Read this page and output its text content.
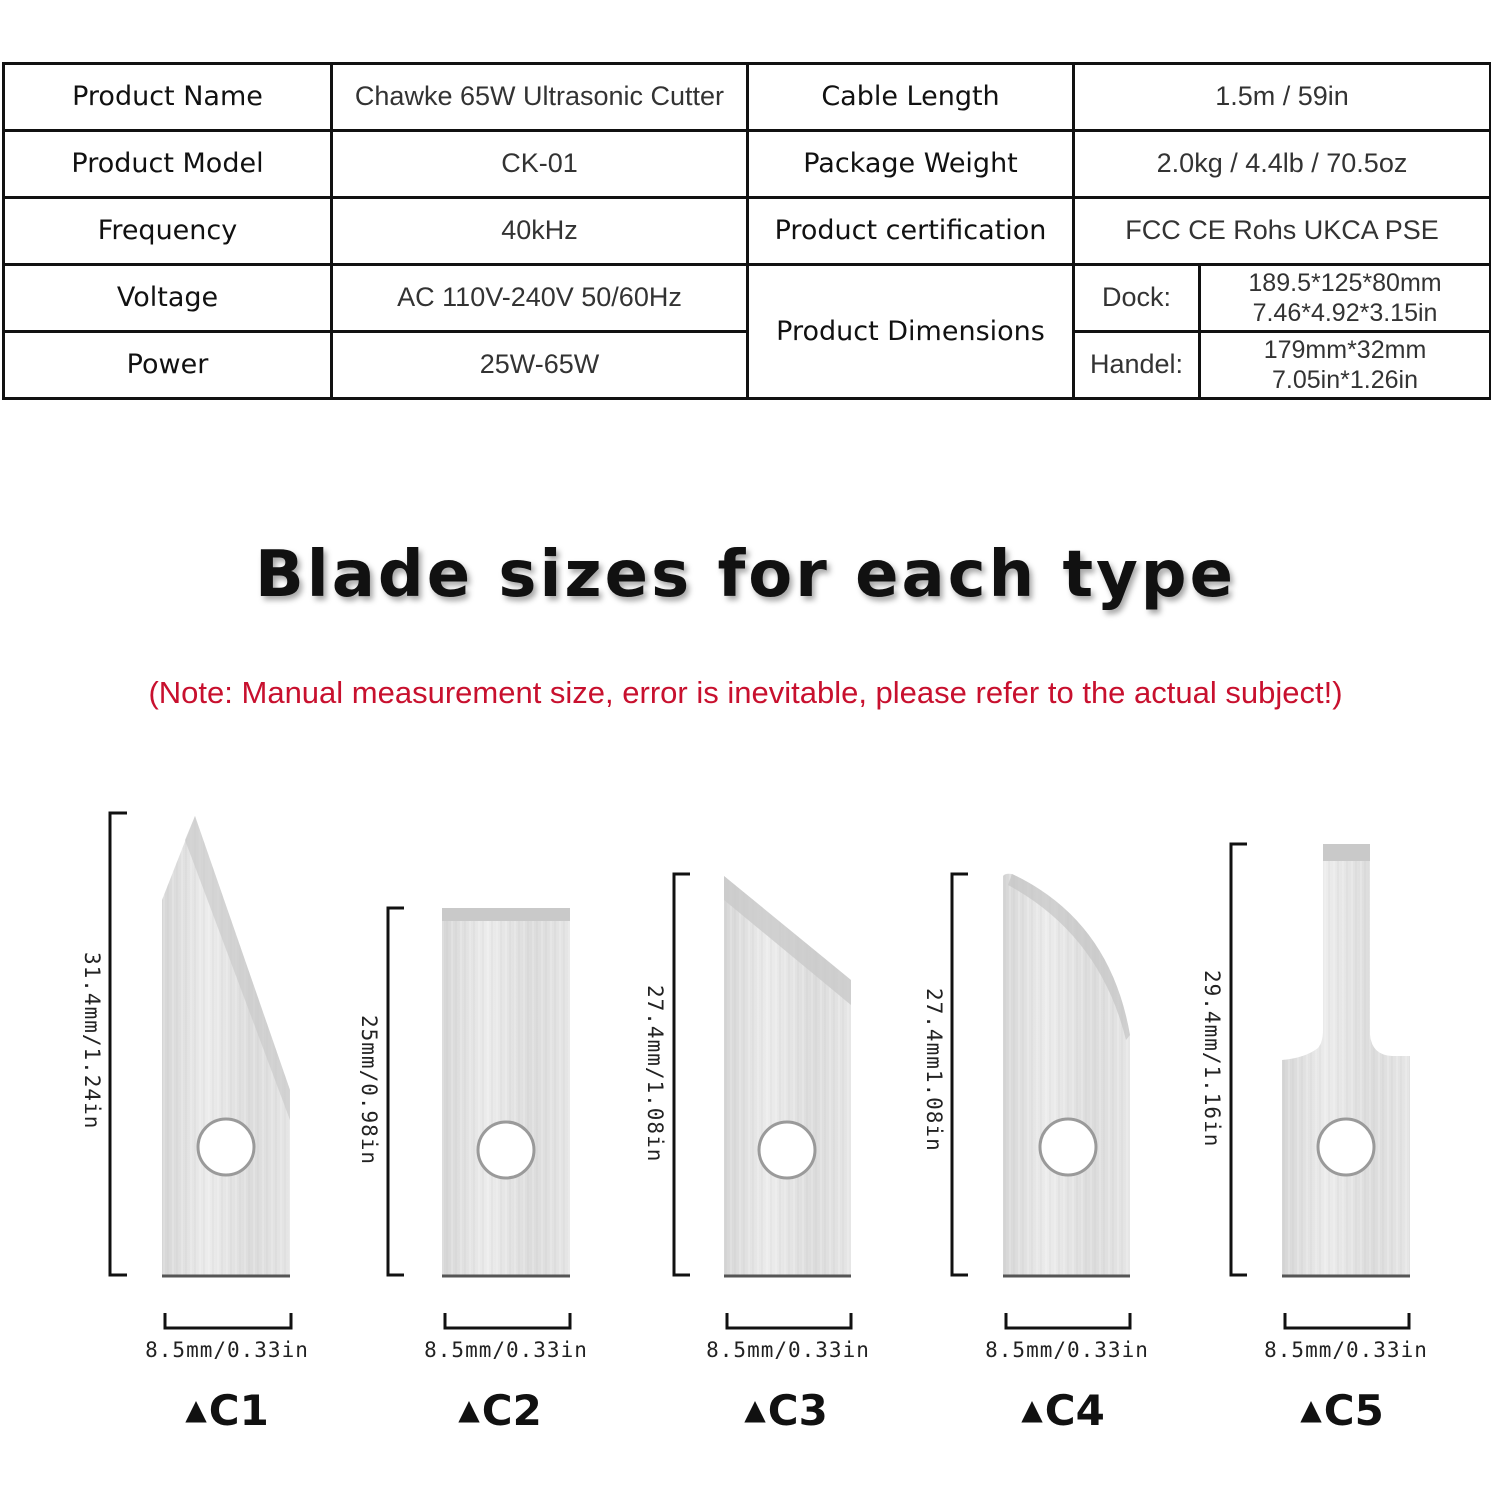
Product Name	Chawke 65W Ultrasonic Cutter	Cable Length	1.5m / 59in	
Product Model	CK-01	Package Weight	2.0kg / 4.4lb / 70.5oz	
Frequency	40kHz	Product certification	FCC CE Rohs UKCA PSE	
Voltage	AC 110V-240V 50/60Hz	Product Dimensions	Dock:	189.5*125*80mm
7.46*4.92*3.15in

Power	25W-65W		Handel:	179mm*32mm
7.05in*1.26in
Blade sizes for each type
(Note: Manual measurement size, error is inevitable, please refer to the actual subject!)
31.4mm/1.24in	25mm/0.98in	27.4mm/1.08in	27.4mm1.08in	29.4mm/1.16in
8.5mm/0.33in	8.5mm/0.33in	8.5mm/0.33in	8.5mm/0.33in	8.5mm/0.33in
▲C1	▲C2	▲C3	▲C4	▲C5
